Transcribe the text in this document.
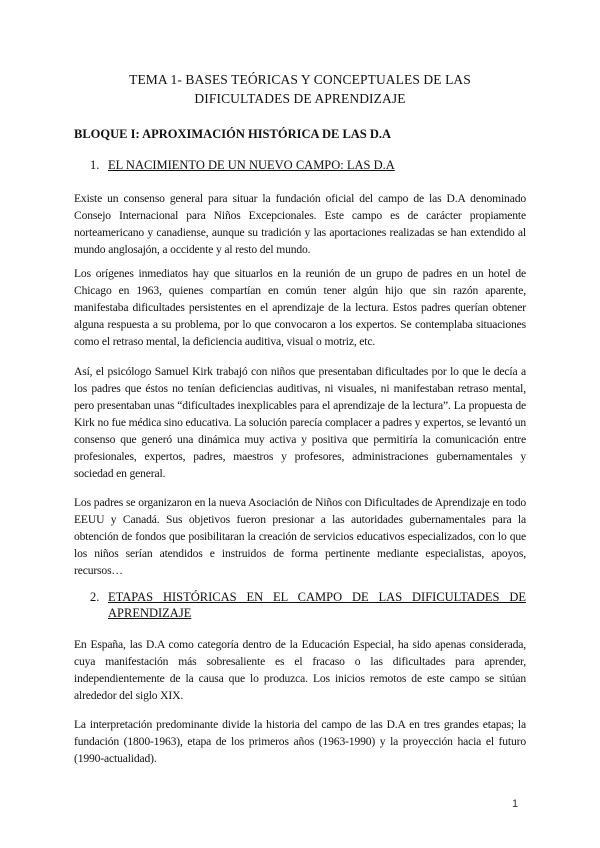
TEMA 1- BASES TEÓRICAS Y CONCEPTUALES DE LAS
DIFICULTADES DE APRENDIZAJE
BLOQUE I: APROXIMACIÓN HISTÓRICA DE LAS D.A
1. EL NACIMIENTO DE UN NUEVO CAMPO: LAS D.A

Existe un consenso general para situar la fundación oficial del campo de las D.A denominado Consejo Internacional para Niños Excepcionales. Este campo es de carácter propiamente norteamericano y canadiense, aunque su tradición y las aportaciones realizadas se han extendido al mundo anglosajón, a occidente y al resto del mundo.

Los orígenes inmediatos hay que situarlos en la reunión de un grupo de padres en un hotel de Chicago en 1963, quienes compartían en común tener algún hijo que sin razón aparente, manifestaba dificultades persistentes en el aprendizaje de la lectura. Estos padres querían obtener alguna respuesta a su problema, por lo que convocaron a los expertos. Se contemplaba situaciones como el retraso mental, la deficiencia auditiva, visual o motriz, etc.

Así, el psicólogo Samuel Kirk trabajó con niños que presentaban dificultades por lo que le decía a los padres que éstos no tenían deficiencias auditivas, ni visuales, ni manifestaban retraso mental, pero presentaban unas “dificultades inexplicables para el aprendizaje de la lectura”. La propuesta de Kirk no fue médica sino educativa. La solución parecía complacer a padres y expertos, se levantó un consenso que generó una dinámica muy activa y positiva que permitiría la comunicación entre profesionales, expertos, padres, maestros y profesores, administraciones gubernamentales y sociedad en general.

Los padres se organizaron en la nueva Asociación de Niños con Dificultades de Aprendizaje en todo EEUU y Canadá. Sus objetivos fueron presionar a las autoridades gubernamentales para la obtención de fondos que posibilitaran la creación de servicios educativos especializados, con lo que los niños serían atendidos e instruidos de forma pertinente mediante especialistas, apoyos, recursos…

2. ETAPAS HISTÓRICAS EN EL CAMPO DE LAS DIFICULTADES DE APRENDIZAJE

En España, las D.A como categoría dentro de la Educación Especial, ha sido apenas considerada, cuya manifestación más sobresaliente es el fracaso o las dificultades para aprender, independientemente de la causa que lo produzca. Los inicios remotos de este campo se sitúan alrededor del siglo XIX.

La interpretación predominante divide la historia del campo de las D.A en tres grandes etapas; la fundación (1800-1963), etapa de los primeros años (1963-1990) y la proyección hacia el futuro (1990-actualidad).

1
